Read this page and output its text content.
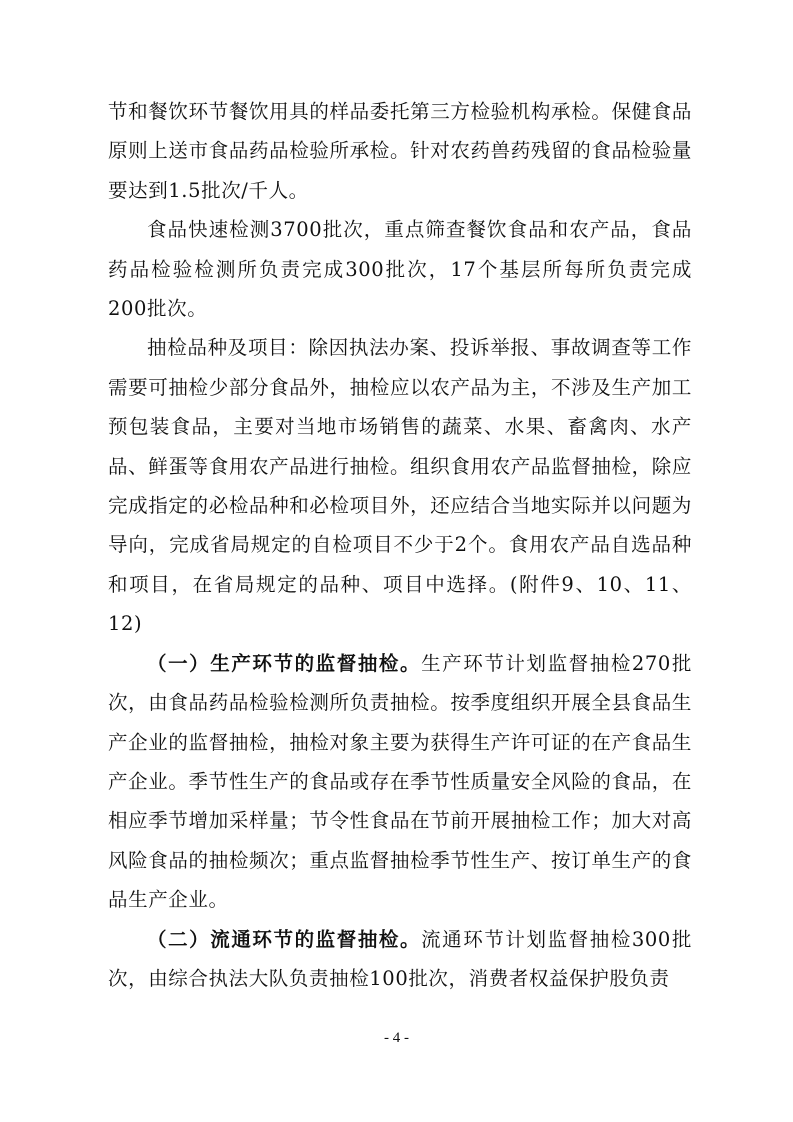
节和餐饮环节餐饮用具的样品委托第三方检验机构承检。保健食品原则上送市食品药品检验所承检。针对农药兽药残留的食品检验量要达到1.5批次/千人。

食品快速检测3700批次，重点筛查餐饮食品和农产品，食品药品检验检测所负责完成300批次，17个基层所每所负责完成200批次。

抽检品种及项目：除因执法办案、投诉举报、事故调查等工作需要可抽检少部分食品外，抽检应以农产品为主，不涉及生产加工预包装食品，主要对当地市场销售的蔬菜、水果、畜禽肉、水产品、鲜蛋等食用农产品进行抽检。组织食用农产品监督抽检，除应完成指定的必检品种和必检项目外，还应结合当地实际并以问题为导向，完成省局规定的自检项目不少于2个。食用农产品自选品种和项目，在省局规定的品种、项目中选择。(附件9、10、11、12)

（一）生产环节的监督抽检。生产环节计划监督抽检270批次，由食品药品检验检测所负责抽检。按季度组织开展全县食品生产企业的监督抽检，抽检对象主要为获得生产许可证的在产食品生产企业。季节性生产的食品或存在季节性质量安全风险的食品，在相应季节增加采样量；节令性食品在节前开展抽检工作；加大对高风险食品的抽检频次；重点监督抽检季节性生产、按订单生产的食品生产企业。

（二）流通环节的监督抽检。流通环节计划监督抽检300批次，由综合执法大队负责抽检100批次，消费者权益保护股负责

- 4 -
